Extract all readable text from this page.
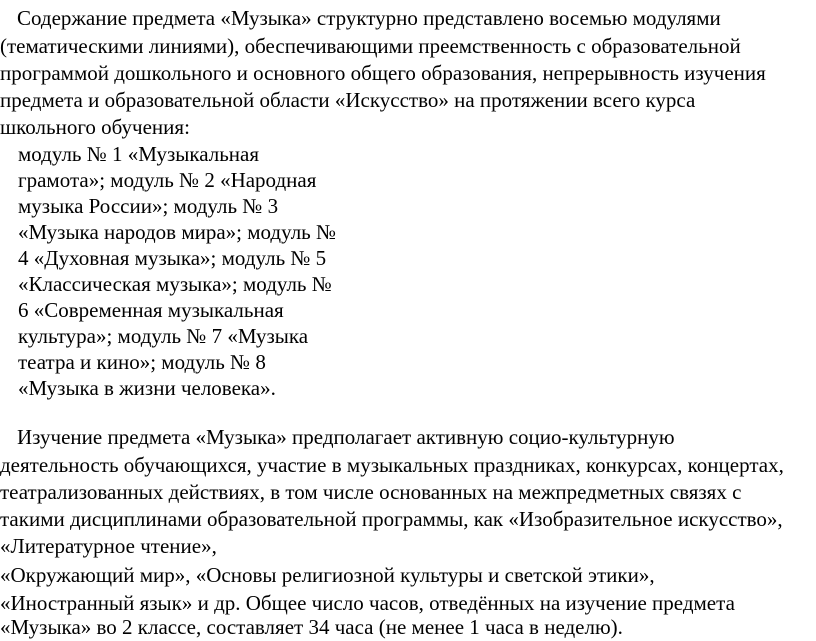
Содержание предмета «Музыка» структурно представлено восемью модулями
(тематическими линиями), обеспечивающими преемственность с образовательной
программой дошкольного и основного общего образования, непрерывность изучения
предмета и образовательной области «Искусство» на протяжении всего курса
школьного обучения:
модуль № 1 «Музыкальная
грамота»; модуль № 2 «Народная
музыка России»; модуль № 3
«Музыка народов мира»; модуль №
4 «Духовная музыка»; модуль № 5
«Классическая музыка»; модуль №
6 «Современная музыкальная
культура»; модуль № 7 «Музыка
театра и кино»; модуль № 8
«Музыка в жизни человека».
Изучение предмета «Музыка» предполагает активную социо-культурную
деятельность обучающихся, участие в музыкальных праздниках, конкурсах, концертах,
театрализованных действиях, в том числе основанных на межпредметных связях с
такими дисциплинами образовательной программы, как «Изобразительное искусство»,
«Литературное чтение»,
«Окружающий мир», «Основы религиозной культуры и светской этики»,
«Иностранный язык» и др. Общее число часов, отведённых на изучение предмета
«Музыка» во 2 классе, составляет 34 часа (не менее 1 часа в неделю).
